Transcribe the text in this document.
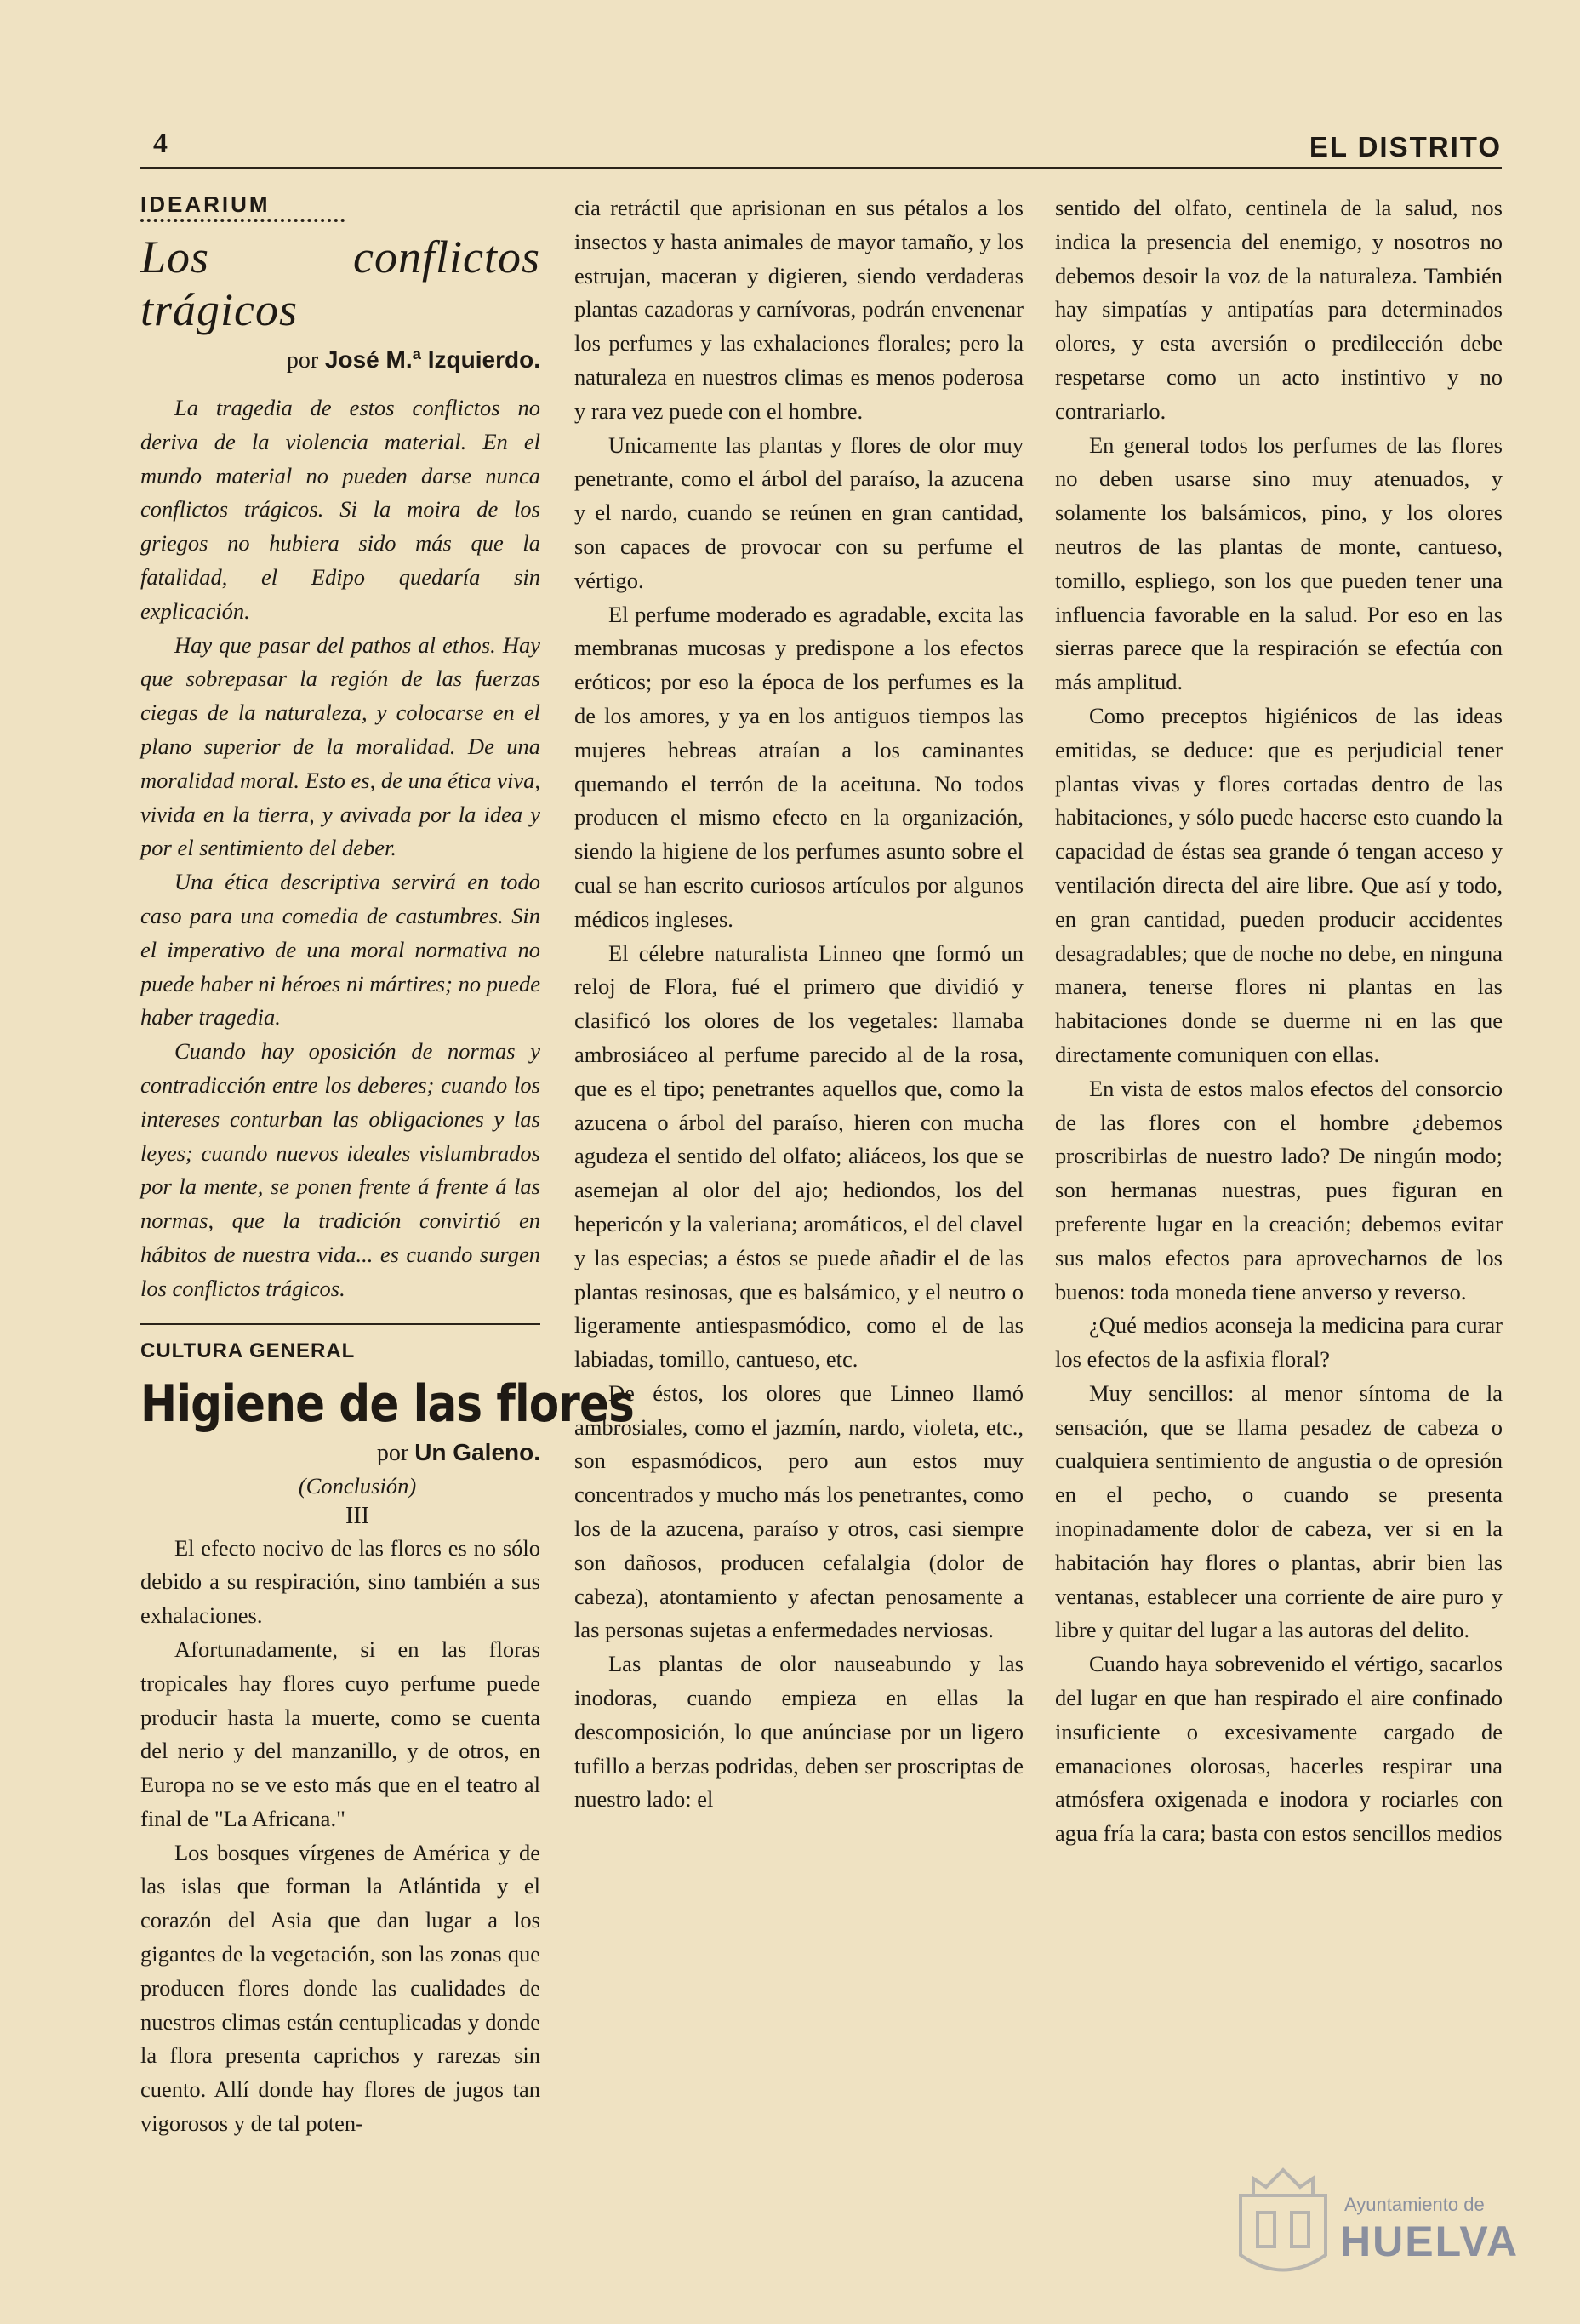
4	EL DISTRITO
IDEARIUM
Los conflictos trágicos
por José M.ª Izquierdo.

La tragedia de estos conflictos no deriva de la violencia material. En el mundo material no pueden darse nunca conflictos trágicos. Si la moira de los griegos no hubiera sido más que la fatalidad, el Edipo quedaría sin explicación.

Hay que pasar del pathos al ethos. Hay que sobrepasar la región de las fuerzas ciegas de la naturaleza, y colocarse en el plano superior de la moralidad. De una moralidad moral. Esto es, de una ética viva, vivida en la tierra, y avivada por la idea y por el sentimiento del deber.

Una ética descriptiva servirá en todo caso para una comedia de castumbres. Sin el imperativo de una moral normativa no puede haber ni héroes ni mártires; no puede haber tragedia.

Cuando hay oposición de normas y contradicción entre los deberes; cuando los intereses conturban las obligaciones y las leyes; cuando nuevos ideales vislumbrados por la mente, se ponen frente á frente á las normas, que la tradición convirtió en hábitos de nuestra vida... es cuando surgen los conflictos trágicos.

CULTURA GENERAL
Higiene de las flores
por Un Galeno.

(Conclusión)

III

El efecto nocivo de las flores es no sólo debido a su respiración, sino también a sus exhalaciones.

Afortunadamente, si en las floras tropicales hay flores cuyo perfume puede producir hasta la muerte, como se cuenta del nerio y del manzanillo, y de otros, en Europa no se ve esto más que en el teatro al final de "La Africana."

Los bosques vírgenes de América y de las islas que forman la Atlántida y el corazón del Asia que dan lugar a los gigantes de la vegetación, son las zonas que producen flores donde las cualidades de nuestros climas están centuplicadas y donde la flora presenta caprichos y rarezas sin cuento. Allí donde hay flores de jugos tan vigorosos y de tal poten-

cia retráctil que aprisionan en sus pétalos a los insectos y hasta animales de mayor tamaño, y los estrujan, maceran y digieren, siendo verdaderas plantas cazadoras y carnívoras, podrán envenenar los perfumes y las exhalaciones florales; pero la naturaleza en nuestros climas es menos poderosa y rara vez puede con el hombre.

Unicamente las plantas y flores de olor muy penetrante, como el árbol del paraíso, la azucena y el nardo, cuando se reúnen en gran cantidad, son capaces de provocar con su perfume el vértigo.

El perfume moderado es agradable, excita las membranas mucosas y predispone a los efectos eróticos; por eso la época de los perfumes es la de los amores, y ya en los antiguos tiempos las mujeres hebreas atraían a los caminantes quemando el terrón de la aceituna. No todos producen el mismo efecto en la organización, siendo la higiene de los perfumes asunto sobre el cual se han escrito curiosos artículos por algunos médicos ingleses.

El célebre naturalista Linneo qne formó un reloj de Flora, fué el primero que dividió y clasificó los olores de los vegetales: llamaba ambrosiáceo al perfume parecido al de la rosa, que es el tipo; penetrantes aquellos que, como la azucena o árbol del paraíso, hieren con mucha agudeza el sentido del olfato; aliáceos, los que se asemejan al olor del ajo; hediondos, los del hepericón y la valeriana; aromáticos, el del clavel y las especias; a éstos se puede añadir el de las plantas resinosas, que es balsámico, y el neutro o ligeramente antiespasmódico, como el de las labiadas, tomillo, cantueso, etc.

De éstos, los olores que Linneo llamó ambrosiales, como el jazmín, nardo, violeta, etc., son espasmódicos, pero aun estos muy concentrados y mucho más los penetrantes, como los de la azucena, paraíso y otros, casi siempre son dañosos, producen cefalalgia (dolor de cabeza), atontamiento y afectan penosamente a las personas sujetas a enfermedades nerviosas.

Las plantas de olor nauseabundo y las inodoras, cuando empieza en ellas la descomposición, lo que anúnciase por un ligero tufillo a berzas podridas, deben ser proscriptas de nuestro lado: el

sentido del olfato, centinela de la salud, nos indica la presencia del enemigo, y nosotros no debemos desoir la voz de la naturaleza. También hay simpatías y antipatías para determinados olores, y esta aversión o predilección debe respetarse como un acto instintivo y no contrariarlo.

En general todos los perfumes de las flores no deben usarse sino muy atenuados, y solamente los balsámicos, pino, y los olores neutros de las plantas de monte, cantueso, tomillo, espliego, son los que pueden tener una influencia favorable en la salud. Por eso en las sierras parece que la respiración se efectúa con más amplitud.

Como preceptos higiénicos de las ideas emitidas, se deduce: que es perjudicial tener plantas vivas y flores cortadas dentro de las habitaciones, y sólo puede hacerse esto cuando la capacidad de éstas sea grande ó tengan acceso y ventilación directa del aire libre. Que así y todo, en gran cantidad, pueden producir accidentes desagradables; que de noche no debe, en ninguna manera, tenerse flores ni plantas en las habitaciones donde se duerme ni en las que directamente comuniquen con ellas.

En vista de estos malos efectos del consorcio de las flores con el hombre ¿debemos proscribirlas de nuestro lado? De ningún modo; son hermanas nuestras, pues figuran en preferente lugar en la creación; debemos evitar sus malos efectos para aprovecharnos de los buenos: toda moneda tiene anverso y reverso.

¿Qué medios aconseja la medicina para curar los efectos de la asfixia floral?

Muy sencillos: al menor síntoma de la sensación, que se llama pesadez de cabeza o cualquiera sentimiento de angustia o de opresión en el pecho, o cuando se presenta inopinadamente dolor de cabeza, ver si en la habitación hay flores o plantas, abrir bien las ventanas, establecer una corriente de aire puro y libre y quitar del lugar a las autoras del delito.

Cuando haya sobrevenido el vértigo, sacarlos del lugar en que han respirado el aire confinado insuficiente o excesivamente cargado de emanaciones olorosas, hacerles respirar una atmósfera oxigenada e inodora y rociarles con agua fría la cara; basta con estos sencillos medios

Ayuntamiento de
HUELVA
